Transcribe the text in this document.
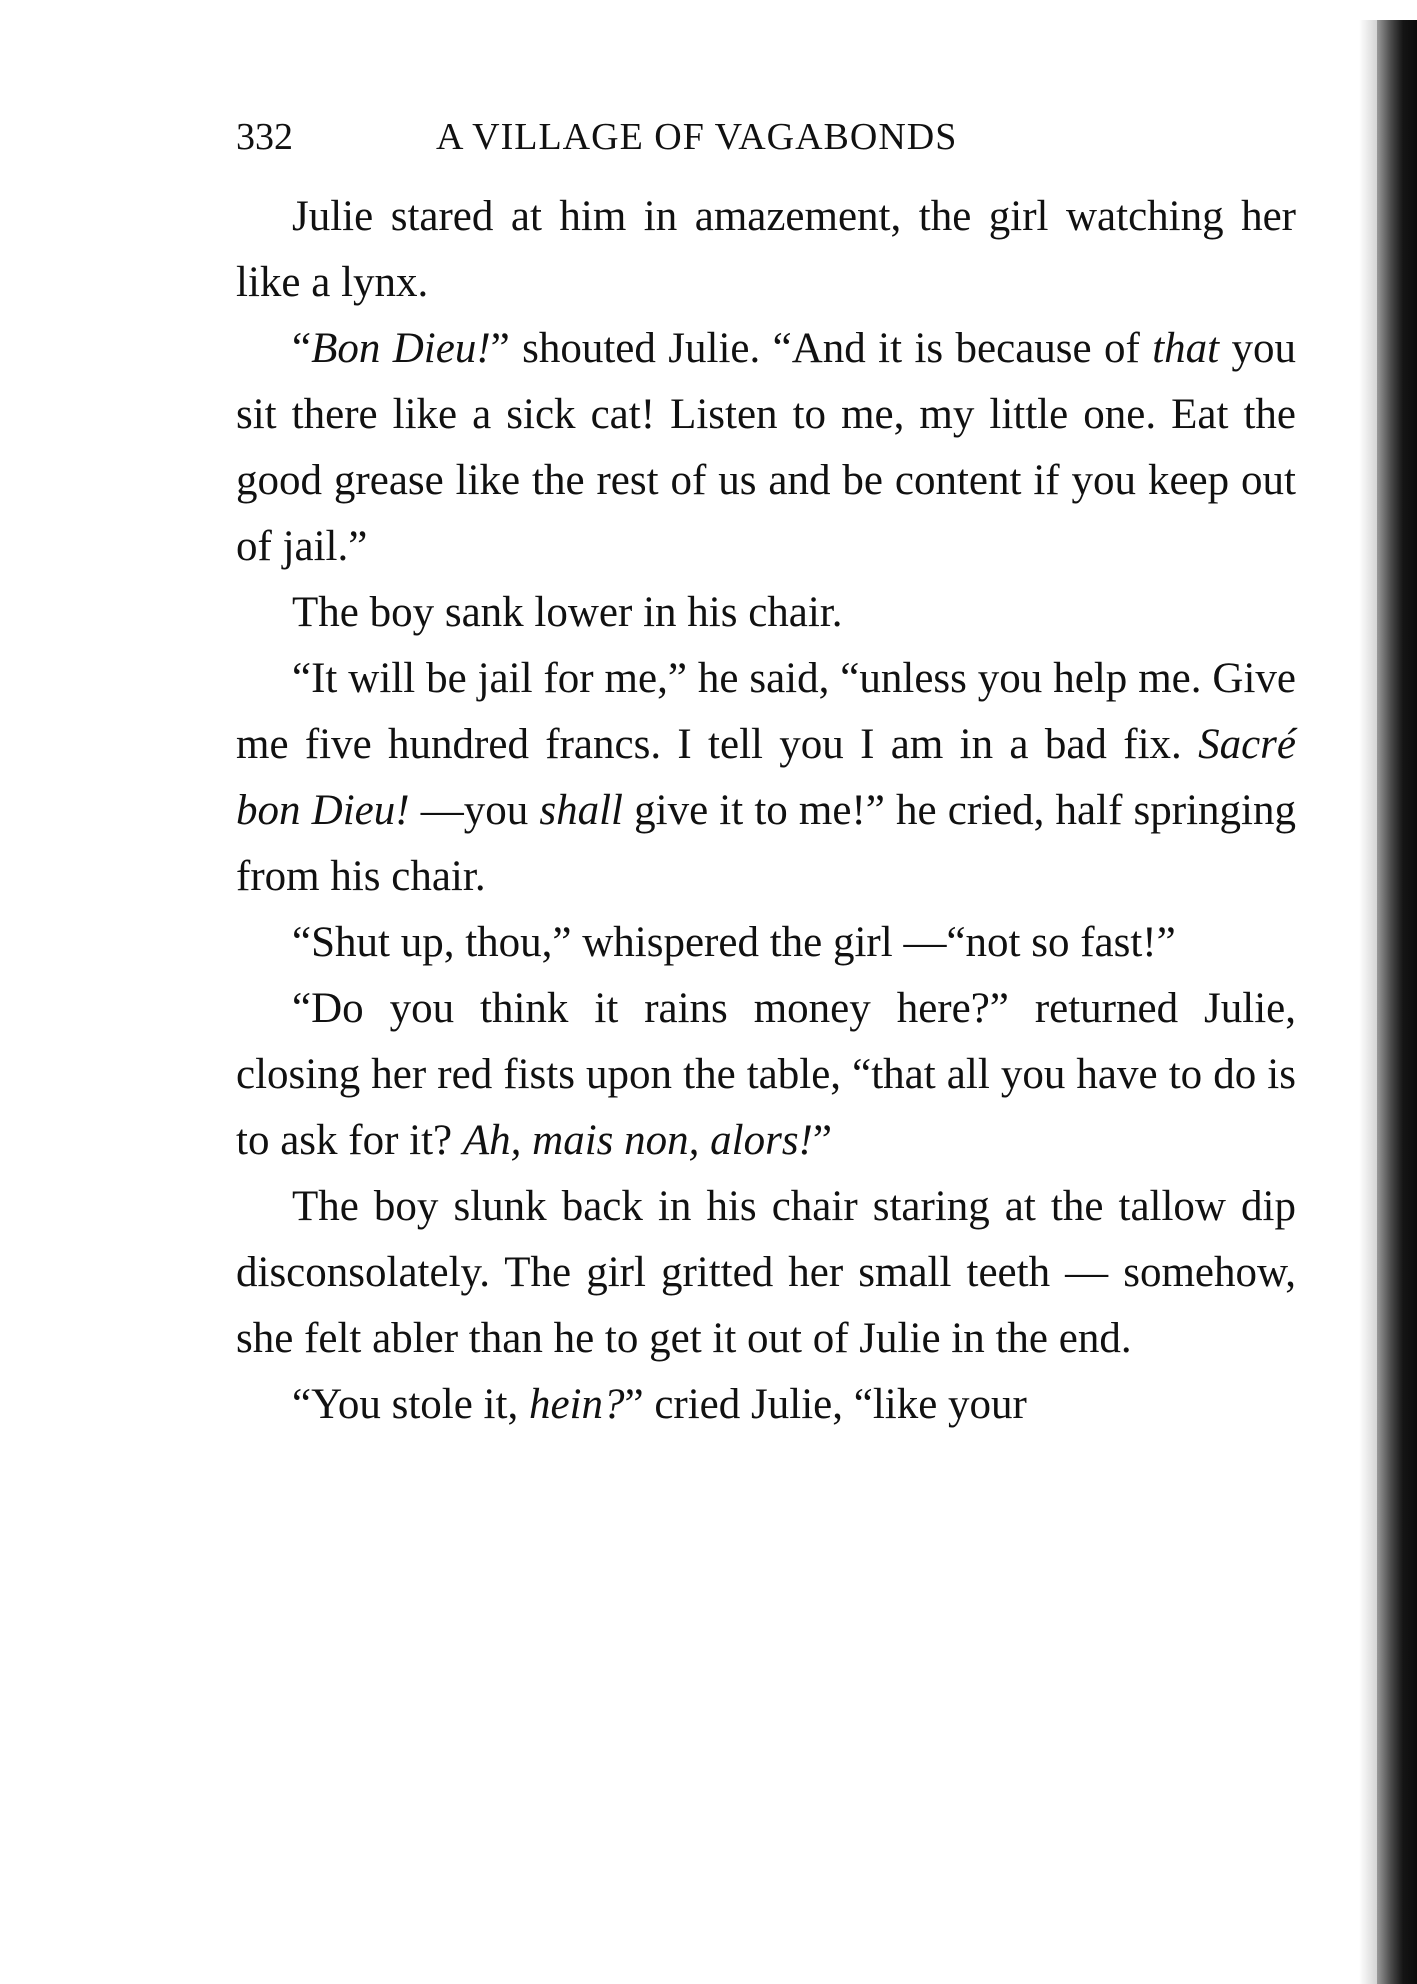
332	A VILLAGE OF VAGABONDS

Julie stared at him in amazement, the girl watching her like a lynx.

“Bon Dieu!” shouted Julie. “And it is because of that you sit there like a sick cat! Listen to me, my little one. Eat the good grease like the rest of us and be content if you keep out of jail.”

The boy sank lower in his chair.

“It will be jail for me,” he said, “unless you help me. Give me five hundred francs. I tell you I am in a bad fix. Sacré bon Dieu! —you shall give it to me!” he cried, half springing from his chair.

“Shut up, thou,” whispered the girl —“not so fast!”

“Do you think it rains money here?” returned Julie, closing her red fists upon the table, “that all you have to do is to ask for it? Ah, mais non, alors!”

The boy slunk back in his chair staring at the tallow dip disconsolately. The girl gritted her small teeth — somehow, she felt abler than he to get it out of Julie in the end.

“You stole it, hein?” cried Julie, “like your
